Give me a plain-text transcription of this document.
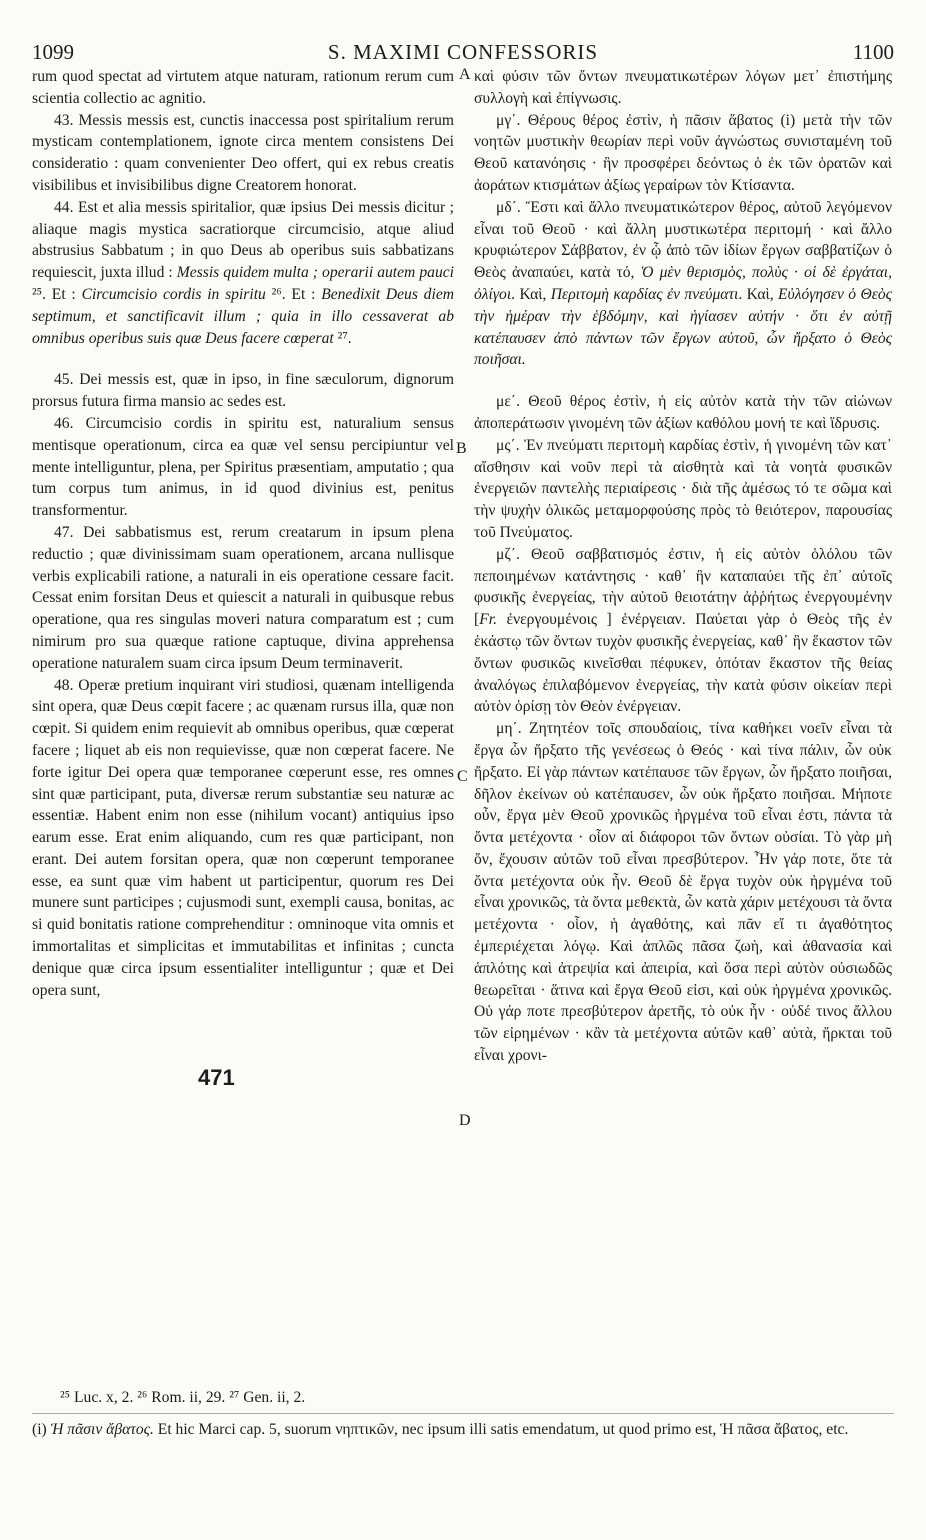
1099	S. MAXIMI CONFESSORIS	1100

rum quod spectat ad virtutem atque naturam, rationum rerum cum scientia collectio ac agnitio.

43. Messis messis est, cunctis inaccessa post spiritalium rerum mysticam contemplationem, ignote circa mentem consistens Dei consideratio : quam convenienter Deo offert, qui ex rebus creatis visibilibus et invisibilibus digne Creatorem honorat.

44. Est et alia messis spiritalior, quæ ipsius Dei messis dicitur ; aliaque magis mystica sacratiorque circumcisio, atque aliud abstrusius Sabbatum ; in quo Deus ab operibus suis sabbatizans requiescit, juxta illud : Messis quidem multa ; operarii autem pauci ²⁵. Et : Circumcisio cordis in spiritu ²⁶. Et : Benedixit Deus diem septimum, et sanctificavit illum ; quia in illo cessaverat ab omnibus operibus suis quæ Deus facere cœperat ²⁷.

45. Dei messis est, quæ in ipso, in fine sæculorum, dignorum prorsus futura firma mansio ac sedes est.

46. Circumcisio cordis in spiritu est, naturalium sensus mentisque operationum, circa ea quæ vel sensu percipiuntur vel mente intelliguntur, plena, per Spiritus præsentiam, amputatio ; qua tum corpus tum animus, in id quod divinius est, penitus transformentur.

47. Dei sabbatismus est, rerum creatarum in ipsum plena reductio ; quæ divinissimam suam operationem, arcana nullisque verbis explicabili ratione, a naturali in eis operatione cessare facit. Cessat enim forsitan Deus et quiescit a naturali in quibusque rebus operatione, qua res singulas moveri natura comparatum est ; cum nimirum pro sua quæque ratione captuque, divina apprehensa operatione naturalem suam circa ipsum Deum terminaverit.

48. Operæ pretium inquirant viri studiosi, quænam intelligenda sint opera, quæ Deus cœpit facere ; ac quænam rursus illa, quæ non cœpit. Si quidem enim requievit ab omnibus operibus, quæ cœperat facere ; liquet ab eis non requievisse, quæ non cœperat facere. Ne forte igitur Dei opera quæ temporanee cœperunt esse, res omnes sint quæ participant, puta, diversæ rerum substantiæ seu naturæ ac essentiæ. Habent enim non esse (nihilum vocant) antiquius ipso earum esse. Erat enim aliquando, cum res quæ participant, non erant. Dei autem forsitan opera, quæ non cœperunt temporanee esse, ea sunt quæ vim habent ut participentur, quorum res Dei munere sunt participes ; cujusmodi sunt, exempli causa, bonitas, ac si quid bonitatis ratione comprehenditur : omninoque vita omnis et immortalitas et simplicitas et immutabilitas et infinitas ; cuncta denique quæ circa ipsum essentialiter intelliguntur ; quæ et Dei opera sunt,

A
B
C
D

καὶ φύσιν τῶν ὄντων πνευματικωτέρων λόγων μετ᾿ ἐπιστήμης συλλογὴ καὶ ἐπίγνωσις.

μγ΄. Θέρους θέρος ἐστὶν, ἡ πᾶσιν ἄβατος (i) μετὰ τὴν τῶν νοητῶν μυστικὴν θεωρίαν περὶ νοῦν ἀγνώστως συνισταμένη τοῦ Θεοῦ κατανόησις · ἣν προσφέρει δεόντως ὁ ἐκ τῶν ὁρατῶν καὶ ἀοράτων κτισμάτων ἀξίως γεραίρων τὸν Κτίσαντα.

μδ΄. Ἔστι καὶ ἄλλο πνευματικώτερον θέρος, αὐτοῦ λεγόμενον εἶναι τοῦ Θεοῦ · καὶ ἄλλη μυστικωτέρα περιτομή · καὶ ἄλλο κρυφιώτερον Σάββατον, ἐν ᾧ ἀπὸ τῶν ἰδίων ἔργων σαββατίζων ὁ Θεὸς ἀναπαύει, κατὰ τό, Ὁ μὲν θερισμὸς, πολὺς · οἱ δὲ ἐργάται, ὀλίγοι. Καὶ, Περιτομὴ καρδίας ἐν πνεύματι. Καὶ, Εὐλόγησεν ὁ Θεὸς τὴν ἡμέραν τὴν ἑβδόμην, καὶ ἡγίασεν αὐτήν · ὅτι ἐν αὐτῇ κατέπαυσεν ἀπὸ πάντων τῶν ἔργων αὐτοῦ, ὧν ἤρξατο ὁ Θεὸς ποιῆσαι.

με΄. Θεοῦ θέρος ἐστὶν, ἡ εἰς αὐτὸν κατὰ τὴν τῶν αἰώνων ἀποπεράτωσιν γινομένη τῶν ἀξίων καθόλου μονή τε καὶ ἵδρυσις.

μς΄. Ἐν πνεύματι περιτομὴ καρδίας ἐστὶν, ἡ γινομένη τῶν κατ᾿ αἴσθησιν καὶ νοῦν περὶ τὰ αἰσθητὰ καὶ τὰ νοητὰ φυσικῶν ἐνεργειῶν παντελὴς περιαίρεσις · διὰ τῆς ἀμέσως τό τε σῶμα καὶ τὴν ψυχὴν ὁλικῶς μεταμορφούσης πρὸς τὸ θειότερον, παρουσίας τοῦ Πνεύματος.

μζ΄. Θεοῦ σαββατισμός ἐστιν, ἡ εἰς αὐτὸν ὁλόλου τῶν πεποιημένων κατάντησις · καθ᾿ ἣν καταπαύει τῆς ἐπ᾿ αὐτοῖς φυσικῆς ἐνεργείας, τὴν αὐτοῦ θειοτάτην ἀῤῥήτως ἐνεργουμένην [Fr. ἐνεργουμένοις ] ἐνέργειαν. Παύεται γὰρ ὁ Θεὸς τῆς ἐν ἑκάστῳ τῶν ὄντων τυχὸν φυσικῆς ἐνεργείας, καθ᾿ ἣν ἕκαστον τῶν ὄντων φυσικῶς κινεῖσθαι πέφυκεν, ὁπόταν ἕκαστον τῆς θείας ἀναλόγως ἐπιλαβόμενον ἐνεργείας, τὴν κατὰ φύσιν οἰκείαν περὶ αὐτὸν ὁρίσῃ τὸν Θεὸν ἐνέργειαν.

μη΄. Ζητητέον τοῖς σπουδαίοις, τίνα καθήκει νοεῖν εἶναι τὰ ἔργα ὧν ἤρξατο τῆς γενέσεως ὁ Θεός · καὶ τίνα πάλιν, ὧν οὐκ ἤρξατο. Εἰ γὰρ πάντων κατέπαυσε τῶν ἔργων, ὧν ἤρξατο ποιῆσαι, δῆλον ἐκείνων οὐ κατέπαυσεν, ὧν οὐκ ἤρξατο ποιῆσαι. Μήποτε οὖν, ἔργα μὲν Θεοῦ χρονικῶς ἠργμένα τοῦ εἶναι ἐστι, πάντα τὰ ὄντα μετέχοντα · οἷον αἱ διάφοροι τῶν ὄντων οὐσίαι. Τὸ γὰρ μὴ ὄν, ἔχουσιν αὐτῶν τοῦ εἶναι πρεσβύτερον. Ἦν γάρ ποτε, ὅτε τὰ ὄντα μετέχοντα οὐκ ἦν. Θεοῦ δὲ ἔργα τυχὸν οὐκ ἠργμένα τοῦ εἶναι χρονικῶς, τὰ ὄντα μεθεκτὰ, ὧν κατὰ χάριν μετέχουσι τὰ ὄντα μετέχοντα · οἷον, ἡ ἀγαθότης, καὶ πᾶν εἴ τι ἀγαθότητος ἐμπεριέχεται λόγῳ. Καὶ ἁπλῶς πᾶσα ζωὴ, καὶ ἀθανασία καὶ ἁπλότης καὶ ἀτρεψία καὶ ἀπειρία, καὶ ὅσα περὶ αὐτὸν οὐσιωδῶς θεωρεῖται · ἅτινα καὶ ἔργα Θεοῦ εἰσι, καὶ οὐκ ἠργμένα χρονικῶς. Οὐ γάρ ποτε πρεσβύτερον ἀρετῆς, τὸ οὐκ ἦν · οὐδέ τινος ἄλλου τῶν εἰρημένων · κἂν τὰ μετέχοντα αὐτῶν καθ᾿ αὐτὰ, ἤρκται τοῦ εἶναι χρονι-

471
²⁵ Luc. x, 2. ²⁶ Rom. ii, 29. ²⁷ Gen. ii, 2.
(i) Ἡ πᾶσιν ἄβατος. Et hic Marci cap. 5, suorum νηπτικῶν, nec ipsum illi satis emendatum, ut quod primo est, Ἡ πᾶσα ἄβατος, etc.
